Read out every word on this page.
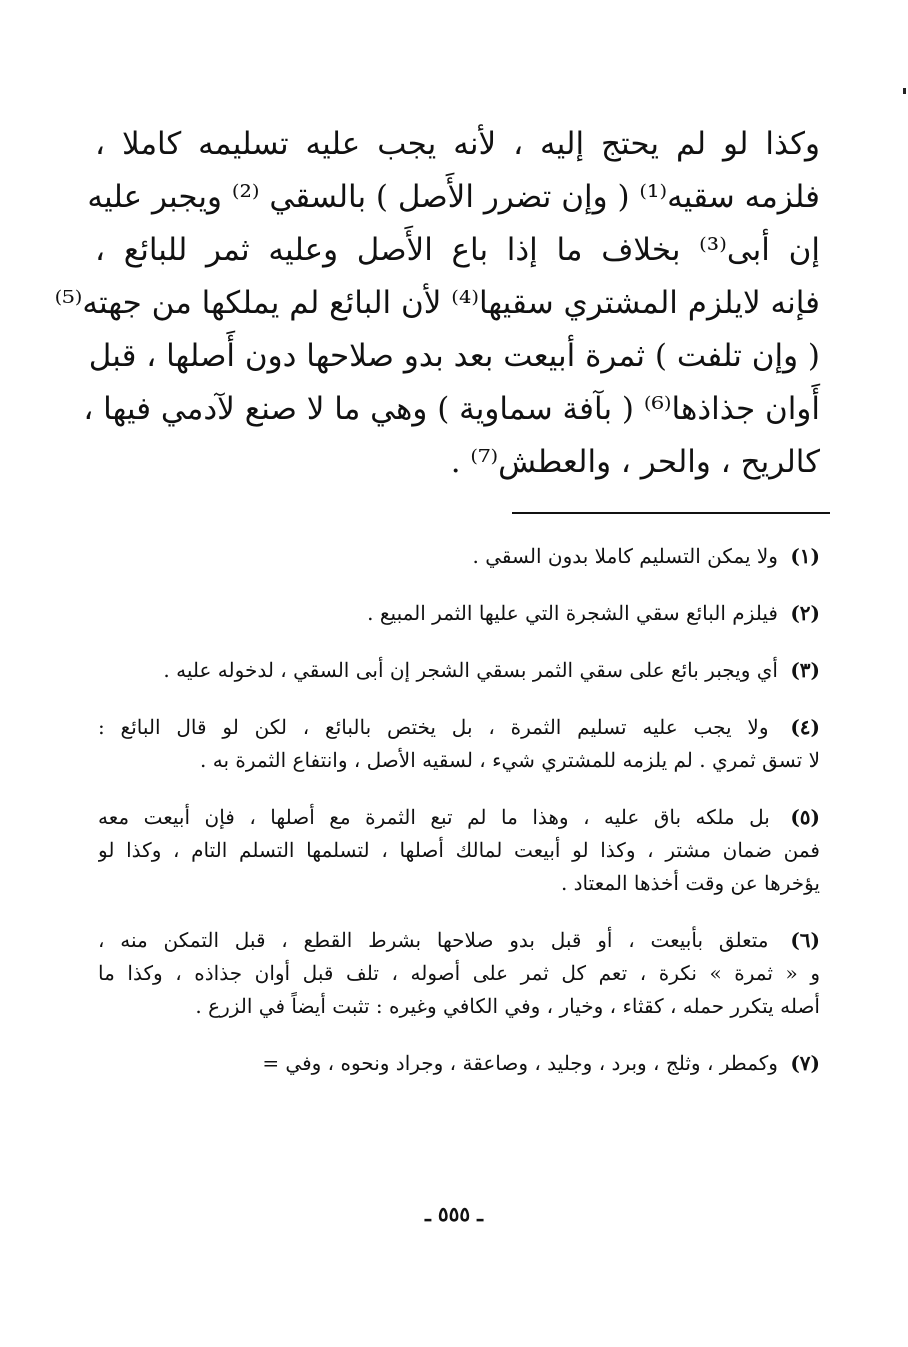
وكذا لو لم يحتج إليه ، لأنه يجب عليه تسليمه كاملا ،
فلزمه سقيه⁽¹⁾ ( وإن تضرر الأَصل ) بالسقي ⁽²⁾ ويجبر عليه
إن أبى⁽³⁾ بخلاف ما إذا باع الأَصل وعليه ثمر للبائع ،
فإنه لايلزم المشتري سقيها⁽⁴⁾ لأن البائع لم يملكها من جهته⁽⁵⁾
( وإن تلفت ) ثمرة أبيعت بعد بدو صلاحها دون أَصلها ، قبل
أَوان جذاذها⁽⁶⁾ ( بآفة سماوية ) وهي ما لا صنع لآدمي فيها ،
كالريح ، والحر ، والعطش⁽⁷⁾ .
(١) ولا يمكن التسليم كاملا بدون السقي .
(٢) فيلزم البائع سقي الشجرة التي عليها الثمر المبيع .
(٣) أي ويجبر بائع على سقي الثمر بسقي الشجر إن أبى السقي ، لدخوله عليه .
(٤) ولا يجب عليه تسليم الثمرة ، بل يختص بالبائع ، لكن لو قال البائع :
لا تسق ثمري . لم يلزمه للمشتري شيء ، لسقيه الأصل ، وانتفاع الثمرة به .
(٥) بل ملكه باق عليه ، وهذا ما لم تبع الثمرة مع أصلها ، فإن أبيعت معه
فمن ضمان مشتر ، وكذا لو أبيعت لمالك أصلها ، لتسلمها التسلم التام ، وكذا لو
يؤخرها عن وقت أخذها المعتاد .
(٦) متعلق بأبيعت ، أو قبل بدو صلاحها بشرط القطع ، قبل التمكن منه ،
و « ثمرة » نكرة ، تعم كل ثمر على أصوله ، تلف قبل أوان جذاذه ، وكذا ما
أصله يتكرر حمله ، كقثاء ، وخيار ، وفي الكافي وغيره : تثبت أيضاً في الزرع .
(٧) وكمطر ، وثلج ، وبرد ، وجليد ، وصاعقة ، وجراد ونحوه ، وفي =
ـ ٥٥٥ ـ
